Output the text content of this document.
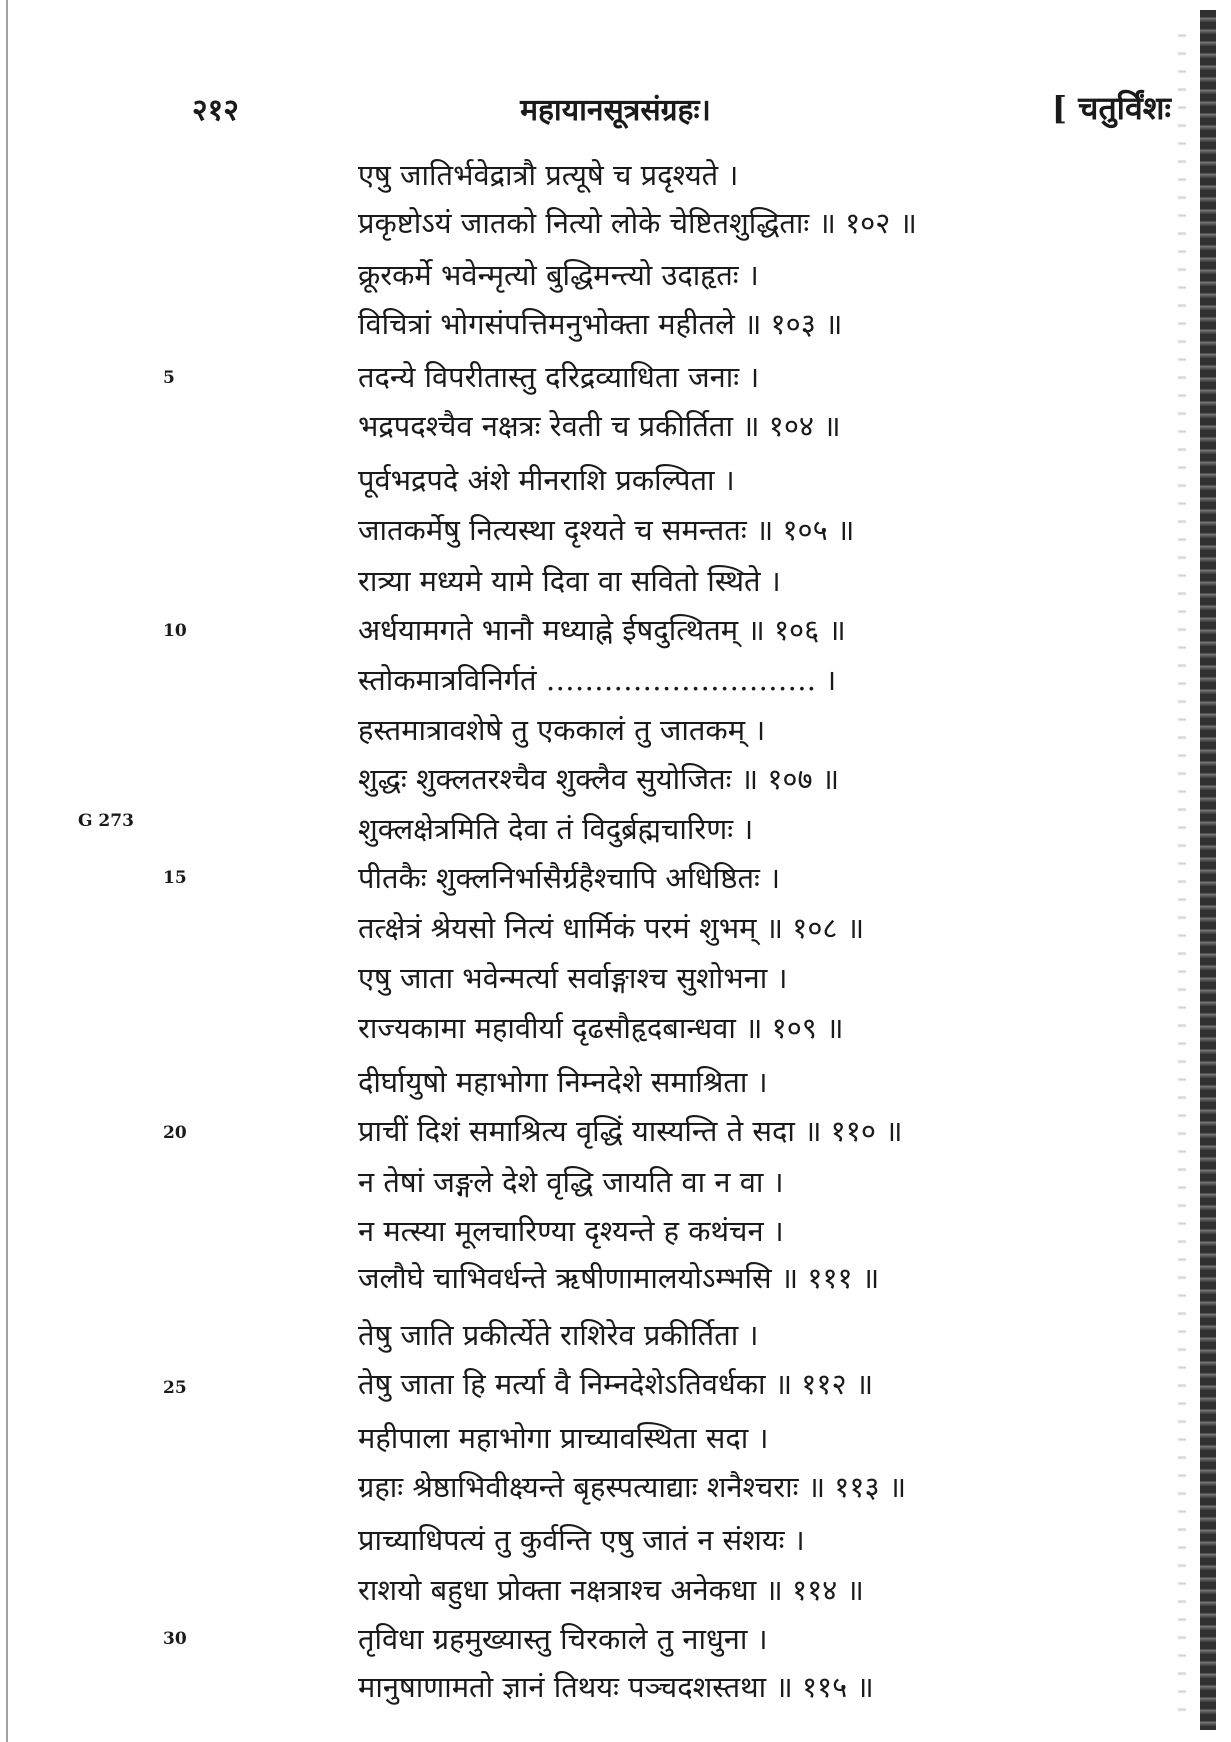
२१२	महायानसूत्रसंग्रहः।	[ चतुर्विंशः
5
10
G 273
15
20
25
30
एषु जातिर्भवेद्रात्रौ प्रत्यूषे च प्रदृश्यते ।
प्रकृष्टोऽयं जातको नित्यो लोके चेष्टितशुद्धिताः ॥ १०२ ॥
क्रूरकर्मे भवेन्मृत्यो बुद्धिमन्त्यो उदाहृतः ।
विचित्रां भोगसंपत्तिमनुभोक्ता महीतले ॥ १०३ ॥
तदन्ये विपरीतास्तु दरिद्रव्याधिता जनाः ।
भद्रपदश्चैव नक्षत्रः रेवती च प्रकीर्तिता ॥ १०४ ॥
पूर्वभद्रपदे अंशे मीनराशि प्रकल्पिता ।
जातकर्मेषु नित्यस्था दृश्यते च समन्ततः ॥ १०५ ॥
रात्र्या मध्यमे यामे दिवा वा सवितो स्थिते ।
अर्धयामगते भानौ मध्याह्ने ईषदुत्थितम् ॥ १०६ ॥
स्तोकमात्रविनिर्गतं ………………………. ।
हस्तमात्रावशेषे तु एककालं तु जातकम् ।
शुद्धः शुक्लतरश्चैव शुक्लैव सुयोजितः ॥ १०७ ॥
शुक्लक्षेत्रमिति देवा तं विदुर्ब्रह्मचारिणः ।
पीतकैः शुक्लनिर्भासैर्ग्रहैश्चापि अधिष्ठितः ।
तत्क्षेत्रं श्रेयसो नित्यं धार्मिकं परमं शुभम् ॥ १०८ ॥
एषु जाता भवेन्मर्त्या सर्वाङ्गाश्च सुशोभना ।
राज्यकामा महावीर्या दृढसौहृदबान्धवा ॥ १०९ ॥
दीर्घायुषो महाभोगा निम्नदेशे समाश्रिता ।
प्राचीं दिशं समाश्रित्य वृद्धिं यास्यन्ति ते सदा ॥ ११० ॥
न तेषां जङ्गले देशे वृद्धि जायति वा न वा ।
न मत्स्या मूलचारिण्या दृश्यन्ते ह कथंचन ।
जलौघे चाभिवर्धन्ते ऋषीणामालयोऽम्भसि ॥ १११ ॥
तेषु जाति प्रकीर्त्येते राशिरेव प्रकीर्तिता ।
तेषु जाता हि मर्त्या वै निम्नदेशेऽतिवर्धका ॥ ११२ ॥
महीपाला महाभोगा प्राच्यावस्थिता सदा ।
ग्रहाः श्रेष्ठाभिवीक्ष्यन्ते बृहस्पत्याद्याः शनैश्चराः ॥ ११३ ॥
प्राच्याधिपत्यं तु कुर्वन्ति एषु जातं न संशयः ।
राशयो बहुधा प्रोक्ता नक्षत्राश्च अनेकधा ॥ ११४ ॥
तृविधा ग्रहमुख्यास्तु चिरकाले तु नाधुना ।
मानुषाणामतो ज्ञानं तिथयः पञ्चदशस्तथा ॥ ११५ ॥
